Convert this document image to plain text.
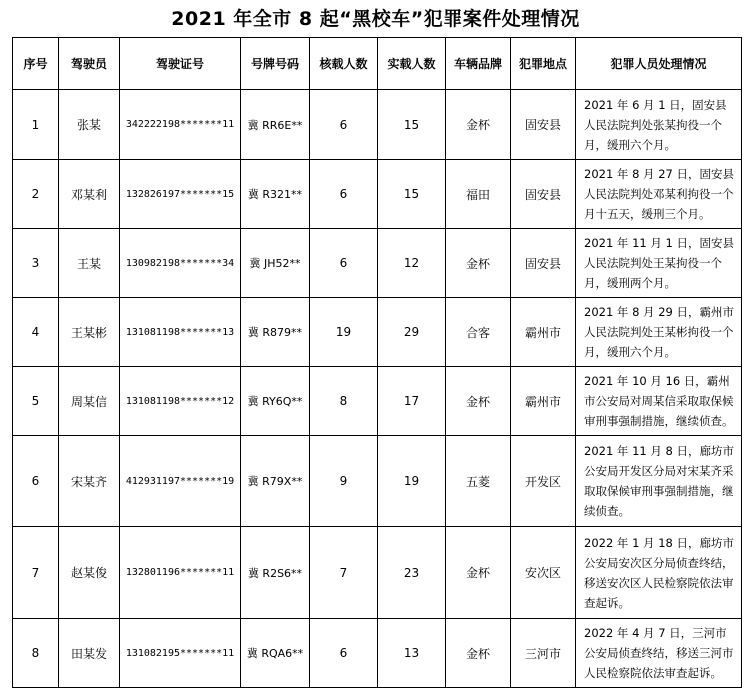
2021 年全市 8 起“黑校车”犯罪案件处理情况
序号	驾驶员	驾驶证号	号牌号码	核载人数	实载人数	车辆品牌	犯罪地点	犯罪人员处理情况
1	张某	342222198*******11	冀 RR6E**	6	15	金杯	固安县	2021 年 6 月 1 日，固安县人民法院判处张某拘役一个月，缓刑六个月。
2	邓某利	132826197*******15	冀 R321**	6	15	福田	固安县	2021 年 8 月 27 日，固安县人民法院判处邓某利拘役一个月十五天，缓刑三个月。
3	王某	130982198*******34	冀 JH52**	6	12	金杯	固安县	2021 年 11 月 1 日，固安县人民法院判处王某拘役一个月，缓刑两个月。
4	王某彬	131081198*******13	冀 R879**	19	29	合客	霸州市	2021 年 8 月 29 日，霸州市人民法院判处王某彬拘役一个月，缓刑六个月。
5	周某信	131081198*******12	冀 RY6Q**	8	17	金杯	霸州市	2021 年 10 月 16 日，霸州市公安局对周某信采取取保候审刑事强制措施，继续侦查。
6	宋某齐	412931197*******19	冀 R79X**	9	19	五菱	开发区	2021 年 11 月 8 日，廊坊市公安局开发区分局对宋某齐采取取保候审刑事强制措施，继续侦查。
7	赵某俊	132801196*******11	冀 R2S6**	7	23	金杯	安次区	2022 年 1 月 18 日，廊坊市公安局安次区分局侦查终结，移送安次区人民检察院依法审查起诉。
8	田某发	131082195*******11	冀 RQA6**	6	13	金杯	三河市	2022 年 4 月 7 日，三河市公安局侦查终结，移送三河市人民检察院依法审查起诉。
